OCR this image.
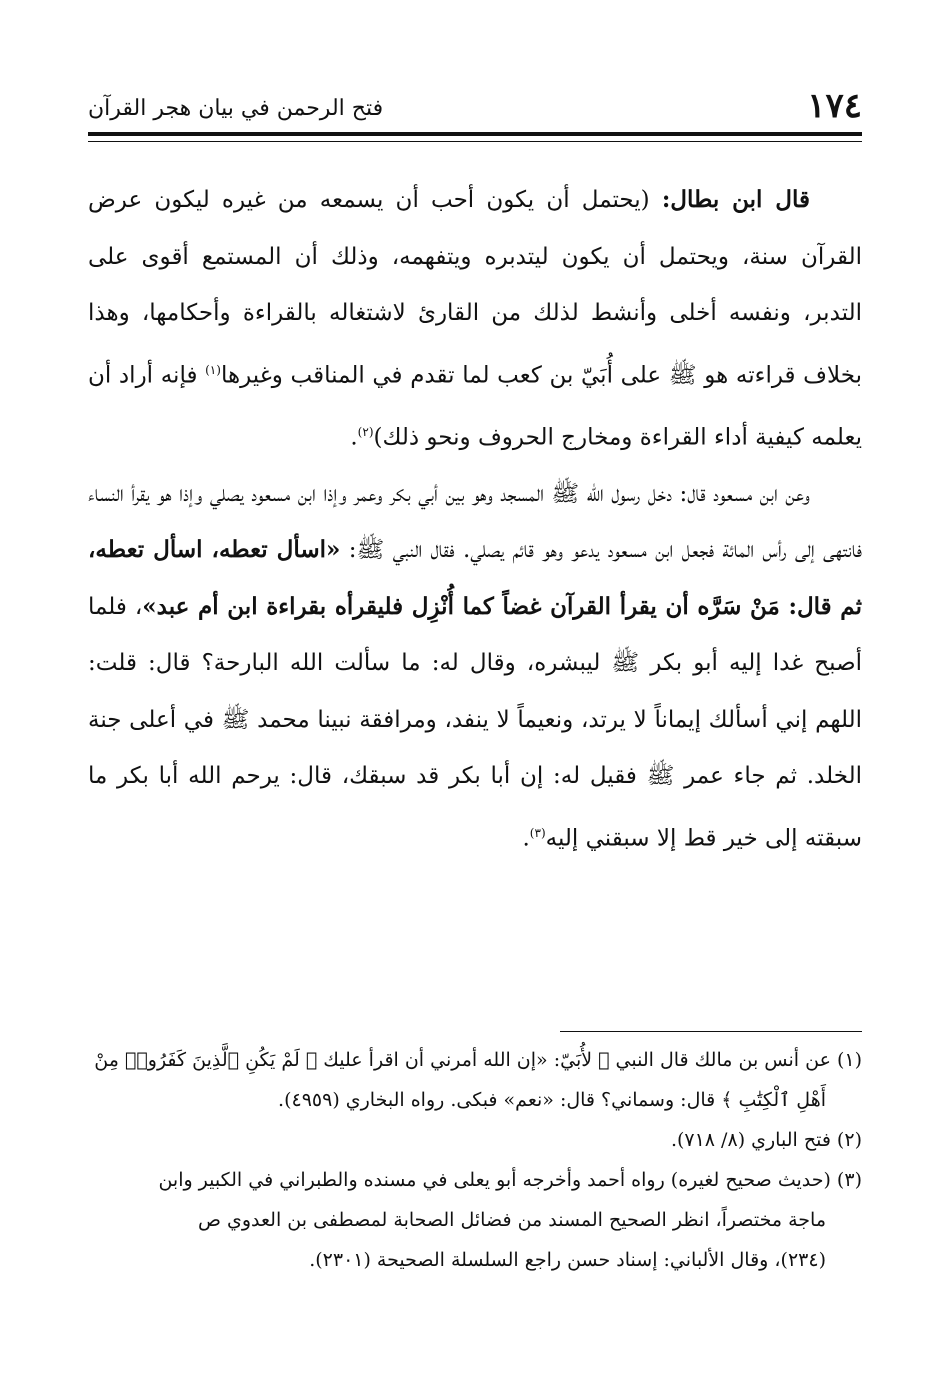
١٧٤
فتح الرحمن في بيان هجر القرآن

قال ابن بطال: (يحتمل أن يكون أحب أن يسمعه من غيره ليكون عرض القرآن سنة، ويحتمل أن يكون ليتدبره ويتفهمه، وذلك أن المستمع أقوى على التدبر، ونفسه أخلى وأنشط لذلك من القارئ لاشتغاله بالقراءة وأحكامها، وهذا بخلاف قراءته هو ﷺ على أُبَيّ بن كعب لما تقدم في المناقب وغيرها$^{(١)}$ فإنه أراد أن يعلمه كيفية أداء القراءة ومخارج الحروف ونحو ذلك)$^{(٢)}$.

وعن ابن مسعود قال: دخل رسول الله ﷺ المسجد وهو بين أبي بكر وعمر وإذا ابن مسعود يصلي وإذا هو يقرأ النساء فانتهى إلى رأس المائة فجعل ابن مسعود يدعو وهو قائم يصلي. فقال النبي ﷺ: «اسأل تعطه، اسأل تعطه، ثم قال: مَنْ سَرَّه أن يقرأ القرآن غضاً كما أُنْزِل فليقرأه بقراءة ابن أم عبد»، فلما أصبح غدا إليه أبو بكر ﷺ ليبشره، وقال له: ما سألت الله البارحة؟ قال: قلت: اللهم إني أسألك إيماناً لا يرتد، ونعيماً لا ينفد، ومرافقة نبينا محمد ﷺ في أعلى جنة الخلد. ثم جاء عمر ﷺ فقيل له: إن أبا بكر قد سبقك، قال: يرحم الله أبا بكر ما سبقته إلى خير قط إلا سبقني إليه$^{(٣)}$.

(١) عن أنس بن مالك قال النبي ﷺ لأُبَيّ: «إن الله أمرني أن اقرأ عليك ﴿ لَمْ يَكُنِ ٱلَّذِينَ كَفَرُوا۟ مِنْ

أَهْلِ ٱلْكِتَٰبِ ﴾ قال: وسماني؟ قال: «نعم» فبكى. رواه البخاري (٤٩٥٩).

(٢) فتح الباري (٨/ ٧١٨).

(٣) (حديث صحيح لغيره) رواه أحمد وأخرجه أبو يعلى في مسنده والطبراني في الكبير وابن

ماجة مختصراً، انظر الصحيح المسند من فضائل الصحابة لمصطفى بن العدوي ص

(٢٣٤)، وقال الألباني: إسناد حسن راجع السلسلة الصحيحة (٢٣٠١).
